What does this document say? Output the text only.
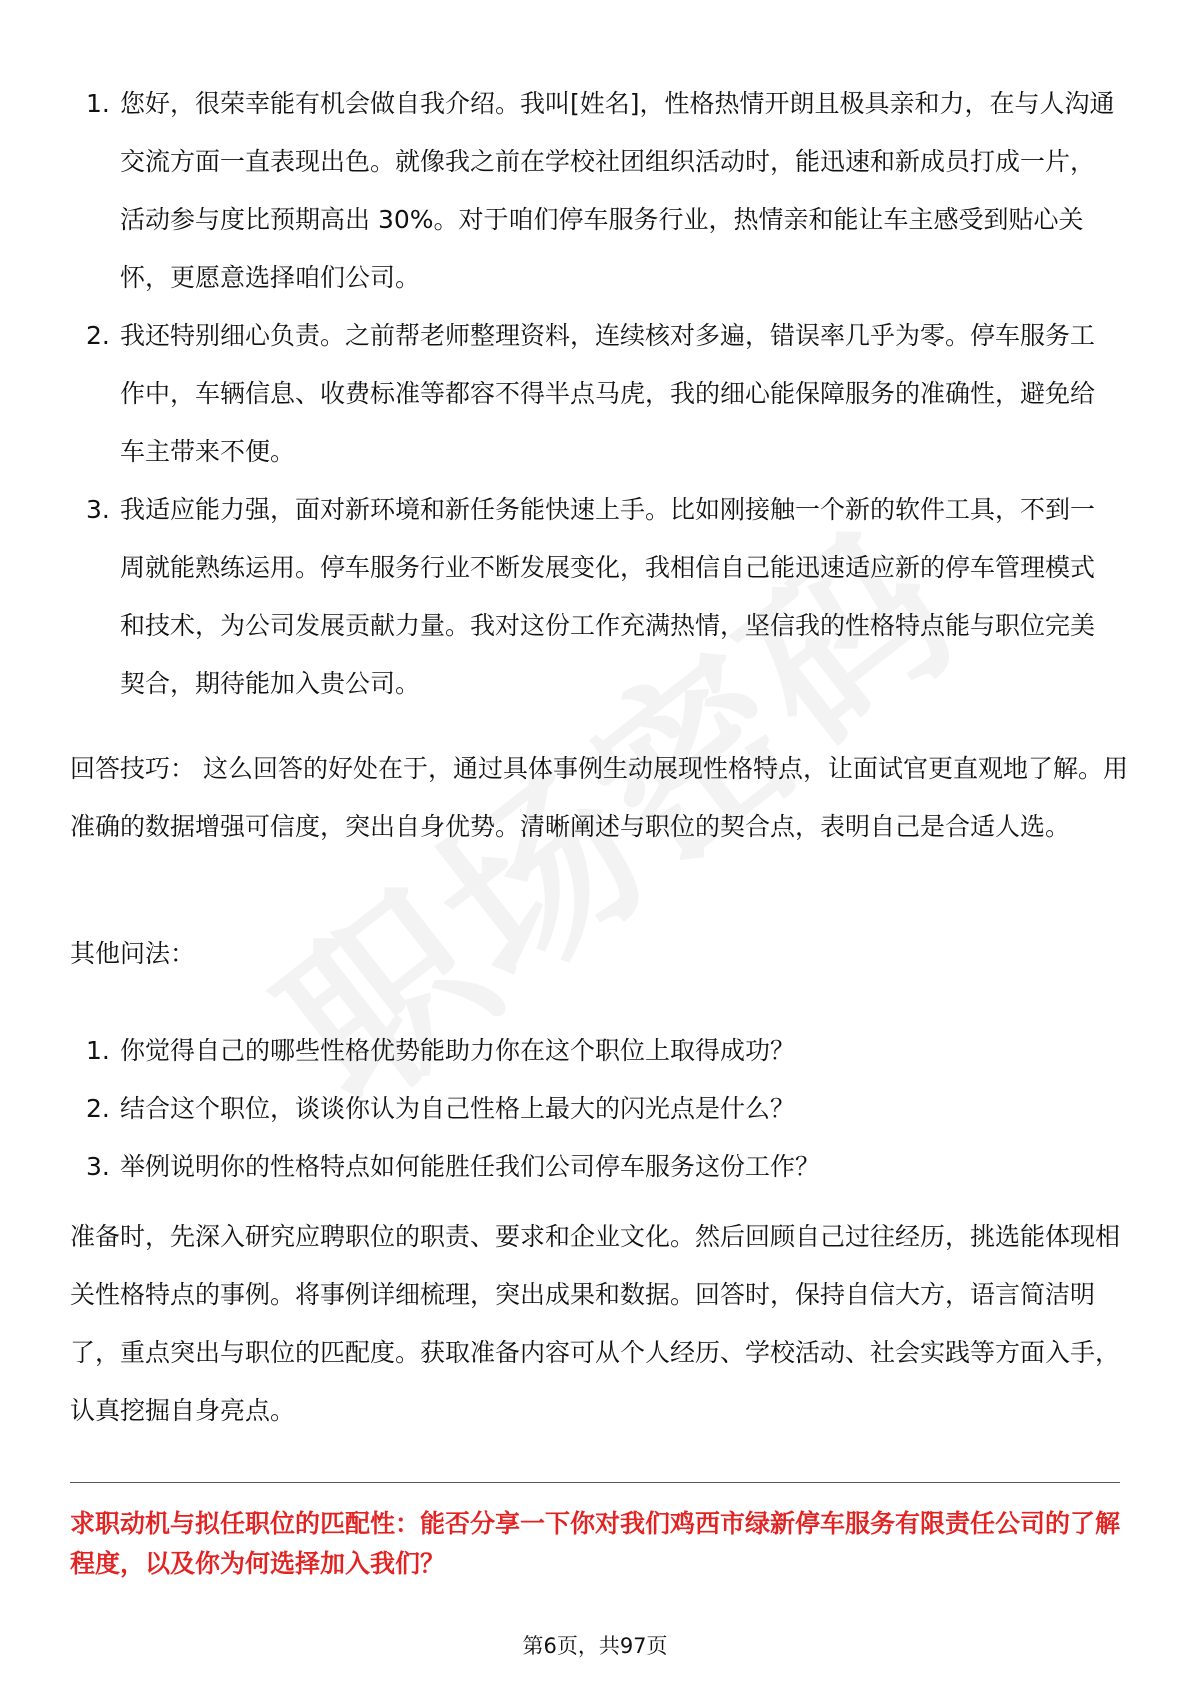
1. 您好，很荣幸能有机会做自我介绍。我叫[姓名]，性格热情开朗且极具亲和力，在与人沟通交流方面一直表现出色。就像我之前在学校社团组织活动时，能迅速和新成员打成一片，活动参与度比预期高出 30%。对于咱们停车服务行业，热情亲和能让车主感受到贴心关怀，更愿意选择咱们公司。
2. 我还特别细心负责。之前帮老师整理资料，连续核对多遍，错误率几乎为零。停车服务工作中，车辆信息、收费标准等都容不得半点马虎，我的细心能保障服务的准确性，避免给车主带来不便。
3. 我适应能力强，面对新环境和新任务能快速上手。比如刚接触一个新的软件工具，不到一周就能熟练运用。停车服务行业不断发展变化，我相信自己能迅速适应新的停车管理模式和技术，为公司发展贡献力量。我对这份工作充满热情，坚信我的性格特点能与职位完美契合，期待能加入贵公司。

回答技巧： 这么回答的好处在于，通过具体事例生动展现性格特点，让面试官更直观地了解。用准确的数据增强可信度，突出自身优势。清晰阐述与职位的契合点，表明自己是合适人选。

其他问法：

1. 你觉得自己的哪些性格优势能助力你在这个职位上取得成功？
2. 结合这个职位，谈谈你认为自己性格上最大的闪光点是什么？
3. 举例说明你的性格特点如何能胜任我们公司停车服务这份工作？

准备时，先深入研究应聘职位的职责、要求和企业文化。然后回顾自己过往经历，挑选能体现相关性格特点的事例。将事例详细梳理，突出成果和数据。回答时，保持自信大方，语言简洁明了，重点突出与职位的匹配度。获取准备内容可从个人经历、学校活动、社会实践等方面入手，认真挖掘自身亮点。

求职动机与拟任职位的匹配性：能否分享一下你对我们鸡西市绿新停车服务有限责任公司的了解程度，以及你为何选择加入我们？

第6页，共97页
